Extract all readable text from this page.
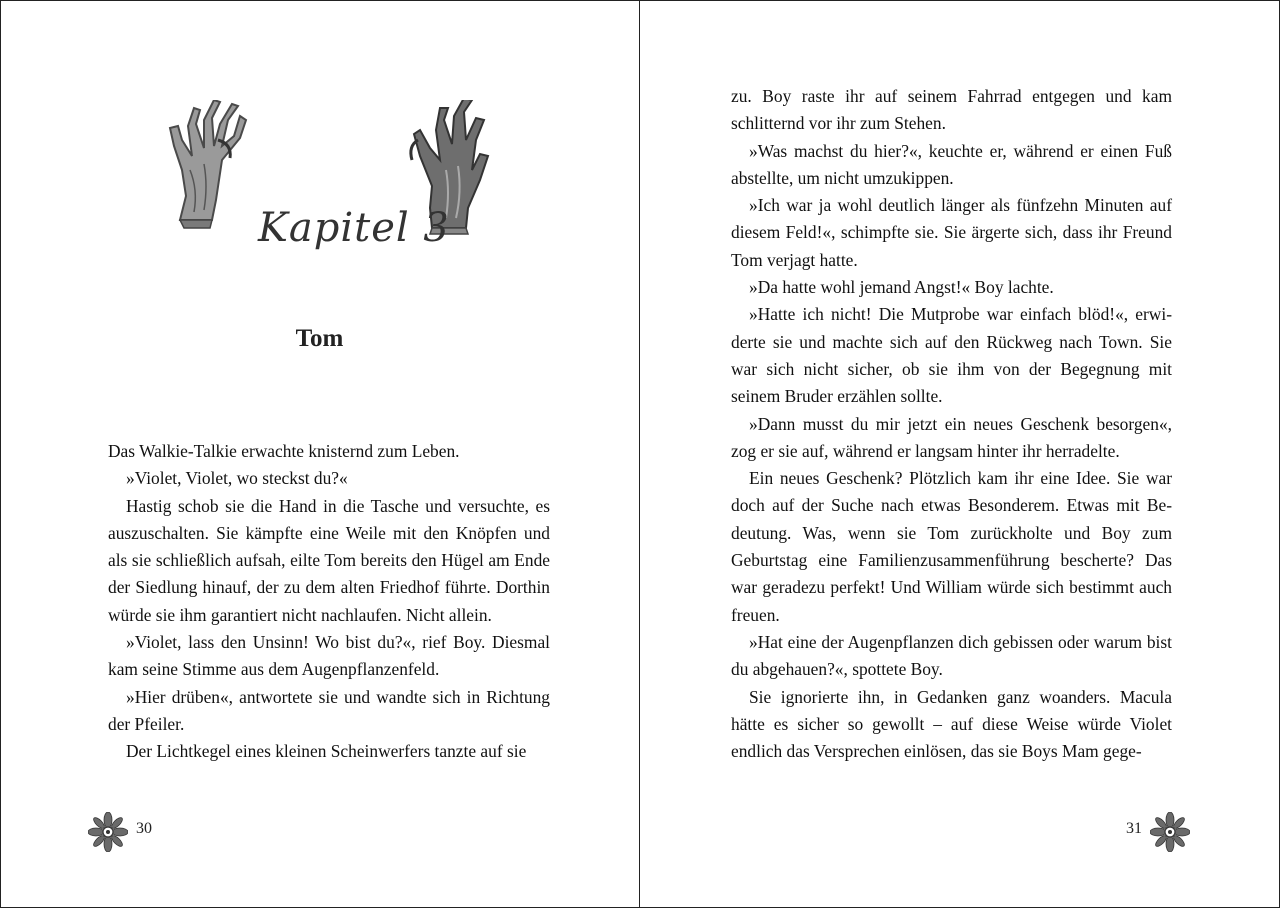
Kapitel 3
Tom

Das Walkie-Talkie erwachte knisternd zum Leben.

»Violet, Violet, wo steckst du?«

Hastig schob sie die Hand in die Tasche und versuchte, es auszuschalten. Sie kämpfte eine Weile mit den Knöpfen und als sie schließlich aufsah, eilte Tom bereits den Hügel am Ende der Siedlung hinauf, der zu dem alten Friedhof führte. Dorthin würde sie ihm garantiert nicht nachlaufen. Nicht allein.

»Violet, lass den Unsinn! Wo bist du?«, rief Boy. Diesmal kam seine Stimme aus dem Augenpflanzenfeld.

»Hier drüben«, antwortete sie und wandte sich in Richtung der Pfeiler.

Der Lichtkegel eines kleinen Scheinwerfers tanzte auf sie

30

zu. Boy raste ihr auf seinem Fahrrad entgegen und kam schlitternd vor ihr zum Stehen.

»Was machst du hier?«, keuchte er, während er einen Fuß abstellte, um nicht umzukippen.

»Ich war ja wohl deutlich länger als fünfzehn Minuten auf diesem Feld!«, schimpfte sie. Sie ärgerte sich, dass ihr Freund Tom verjagt hatte.

»Da hatte wohl jemand Angst!« Boy lachte.

»Hatte ich nicht! Die Mutprobe war einfach blöd!«, erwiderte sie und machte sich auf den Rückweg nach Town. Sie war sich nicht sicher, ob sie ihm von der Begegnung mit seinem Bruder erzählen sollte.

»Dann musst du mir jetzt ein neues Geschenk besorgen«, zog er sie auf, während er langsam hinter ihr herradelte.

Ein neues Geschenk? Plötzlich kam ihr eine Idee. Sie war doch auf der Suche nach etwas Besonderem. Etwas mit Bedeutung. Was, wenn sie Tom zurückholte und Boy zum Geburtstag eine Familienzusammenführung bescherte? Das war geradezu perfekt! Und William würde sich bestimmt auch freuen.

»Hat eine der Augenpflanzen dich gebissen oder warum bist du abgehauen?«, spottete Boy.

Sie ignorierte ihn, in Gedanken ganz woanders. Macula hätte es sicher so gewollt – auf diese Weise würde Violet endlich das Versprechen einlösen, das sie Boys Mam gege-

31
